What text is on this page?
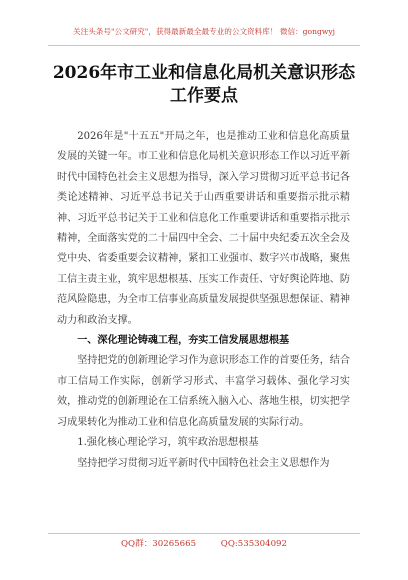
关注头条号"公文研究"，获得最新最全最专业的公文资料库！ 微信：gongwyj
2026年市工业和信息化局机关意识形态
工作要点

2026年是"十五五"开局之年，也是推动工业和信息化高质量发展的关键一年。市工业和信息化局机关意识形态工作以习近平新时代中国特色社会主义思想为指导，深入学习贯彻习近平总书记各类论述精神、习近平总书记关于山西重要讲话和重要指示批示精神、习近平总书记关于工业和信息化工作重要讲话和重要指示批示精神，全面落实党的二十届四中全会、二十届中央纪委五次全会及党中央、省委重要会议精神，紧扣工业强市、数字兴市战略，聚焦工信主责主业，筑牢思想根基、压实工作责任、守好舆论阵地、防范风险隐患，为全市工信事业高质量发展提供坚强思想保证、精神动力和政治支撑。

一、深化理论铸魂工程，夯实工信发展思想根基

坚持把党的创新理论学习作为意识形态工作的首要任务，结合市工信局工作实际，创新学习形式、丰富学习载体、强化学习实效，推动党的创新理论在工信系统入脑入心、落地生根，切实把学习成果转化为推动工业和信息化高质量发展的实际行动。

1.强化核心理论学习，筑牢政治思想根基

坚持把学习贯彻习近平新时代中国特色社会主义思想作为

QQ群：30265665	QQ:535304092
